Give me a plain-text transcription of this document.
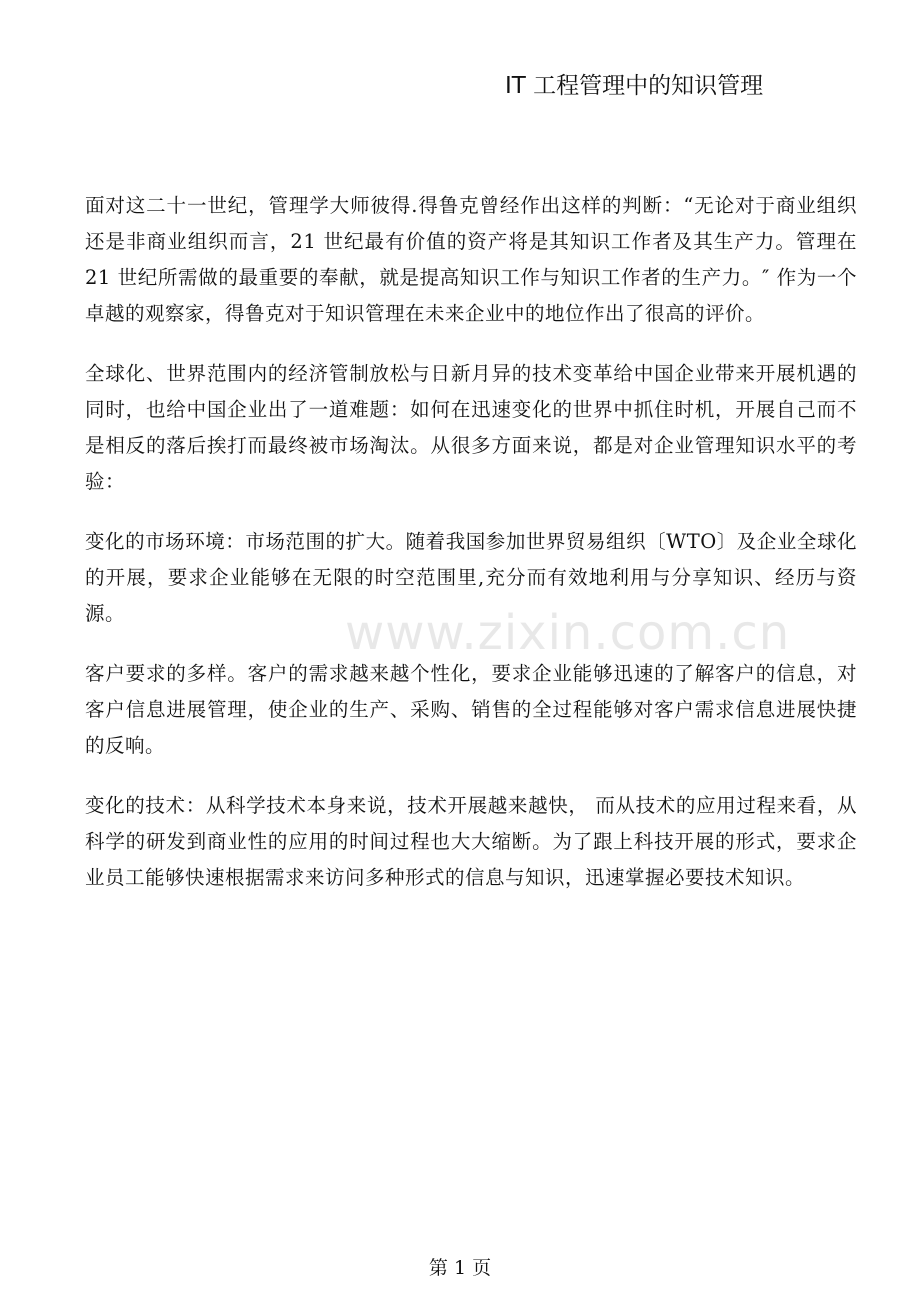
IT 工程管理中的知识管理

面对这二十一世纪，管理学大师彼得.得鲁克曾经作出这样的判断：“无论对于商业组织还是非商业组织而言，21 世纪最有价值的资产将是其知识工作者及其生产力。管理在 21 世纪所需做的最重要的奉献，就是提高知识工作与知识工作者的生产力。″ 作为一个卓越的观察家，得鲁克对于知识管理在未来企业中的地位作出了很高的评价。

全球化、世界范围内的经济管制放松与日新月异的技术变革给中国企业带来开展机遇的同时，也给中国企业出了一道难题：如何在迅速变化的世界中抓住时机，开展自己而不是相反的落后挨打而最终被市场淘汰。从很多方面来说，都是对企业管理知识水平的考验：

变化的市场环境：市场范围的扩大。随着我国参加世界贸易组织〔WTO〕及企业全球化的开展，要求企业能够在无限的时空范围里,充分而有效地利用与分享知识、经历与资源。

客户要求的多样。客户的需求越来越个性化，要求企业能够迅速的了解客户的信息，对客户信息进展管理，使企业的生产、采购、销售的全过程能够对客户需求信息进展快捷的反响。

变化的技术：从科学技术本身来说，技术开展越来越快， 而从技术的应用过程来看，从科学的研发到商业性的应用的时间过程也大大缩断。为了跟上科技开展的形式，要求企业员工能够快速根据需求来访问多种形式的信息与知识，迅速掌握必要技术知识。

www.zixin.com.cn
第 1 页
